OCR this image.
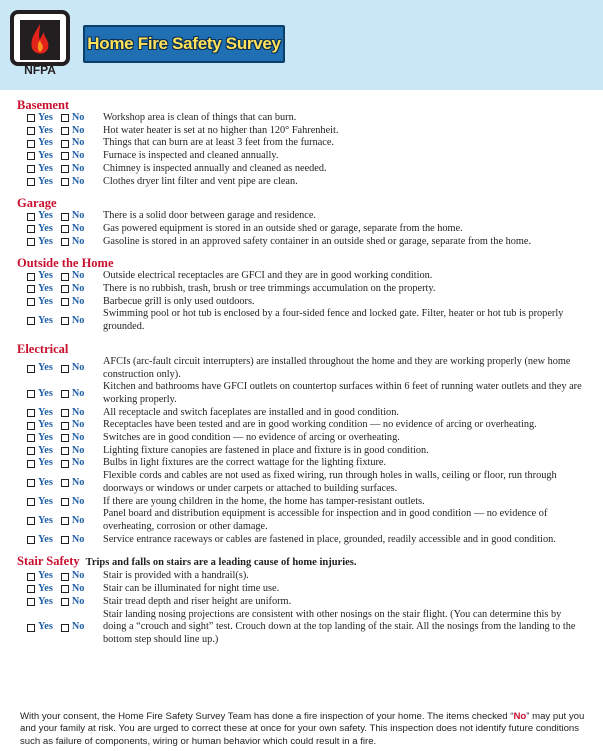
NFPA
Home Fire Safety Survey
Basement
Yes No Workshop area is clean of things that can burn.
Yes No Hot water heater is set at no higher than 120° Fahrenheit.
Yes No Things that can burn are at least 3 feet from the furnace.
Yes No Furnace is inspected and cleaned annually.
Yes No Chimney is inspected annually and cleaned as needed.
Yes No Clothes dryer lint filter and vent pipe are clean.
Garage
Yes No There is a solid door between garage and residence.
Yes No Gas powered equipment is stored in an outside shed or garage, separate from the home.
Yes No Gasoline is stored in an approved safety container in an outside shed or garage, separate from the home.
Outside the Home
Yes No Outside electrical receptacles are GFCI and they are in good working condition.
Yes No There is no rubbish, trash, brush or tree trimmings accumulation on the property.
Yes No Barbecue grill is only used outdoors.
Yes No
Swimming pool or hot tub is enclosed by a four-sided fence and locked gate. Filter, heater or hot tub is properly grounded.
Electrical
Yes No
AFCIs (arc-fault circuit interrupters) are installed throughout the home and they are working properly (new home construction only).
Yes No
Kitchen and bathrooms have GFCI outlets on countertop surfaces within 6 feet of running water outlets and they are working properly.
Yes No All receptacle and switch faceplates are installed and in good condition.
Yes No Receptacles have been tested and are in good working condition — no evidence of arcing or overheating.
Yes No Switches are in good condition — no evidence of arcing or overheating.
Yes No Lighting fixture canopies are fastened in place and fixture is in good condition.
Yes No Bulbs in light fixtures are the correct wattage for the lighting fixture.
Yes No
Flexible cords and cables are not used as fixed wiring, run through holes in walls, ceiling or floor, run through doorways or windows or under carpets or attached to building surfaces.
Yes No If there are young children in the home, the home has tamper-resistant outlets.
Yes No
Panel board and distribution equipment is accessible for inspection and in good condition — no evidence of overheating, corrosion or other damage.
Yes No Service entrance raceways or cables are fastened in place, grounded, readily accessible and in good condition.
Stair Safety Trips and falls on stairs are a leading cause of home injuries.
Yes No Stair is provided with a handrail(s).
Yes No Stair can be illuminated for night time use.
Yes No Stair tread depth and riser height are uniform.
Yes No
Stair landing nosing projections are consistent with other nosings on the stair flight. (You can determine this by doing a “crouch and sight” test. Crouch down at the top landing of the stair. All the nosings from the landing to the bottom step should line up.)
With your consent, the Home Fire Safety Survey Team has done a fire inspection of your home. The items checked “No” may put you and your family at risk. You are urged to correct these at once for your own safety. This inspection does not identify future conditions such as failure of components, wiring or human behavior which could result in a fire.
